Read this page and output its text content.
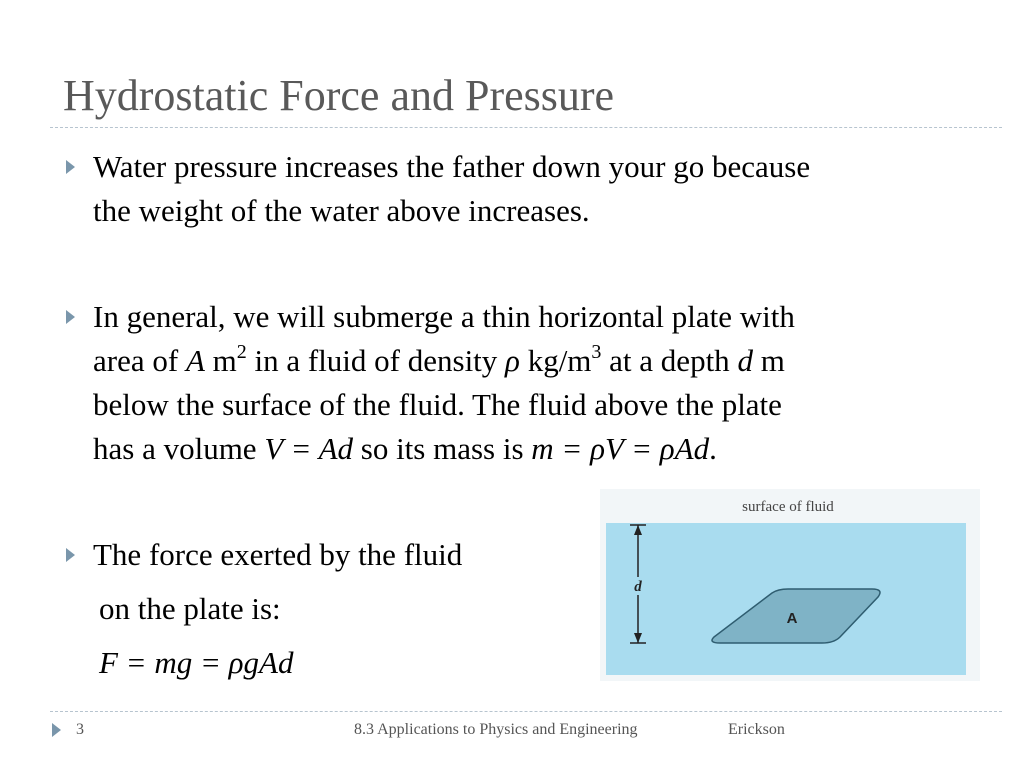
Hydrostatic Force and Pressure
Water pressure increases the father down your go because
the weight of the water above increases.
In general, we will submerge a thin horizontal plate with
area of A $m^2$ in a fluid of density ρ $kg/m^3$ at a depth d m
below the surface of the fluid. The fluid above the plate
has a volume V = Ad so its mass is m = ρV = ρAd.
The force exerted by the fluid
on the plate is:
F = mg = ρgAd
surface of fluid
d
A
3	8.3 Applications to Physics and Engineering	Erickson
